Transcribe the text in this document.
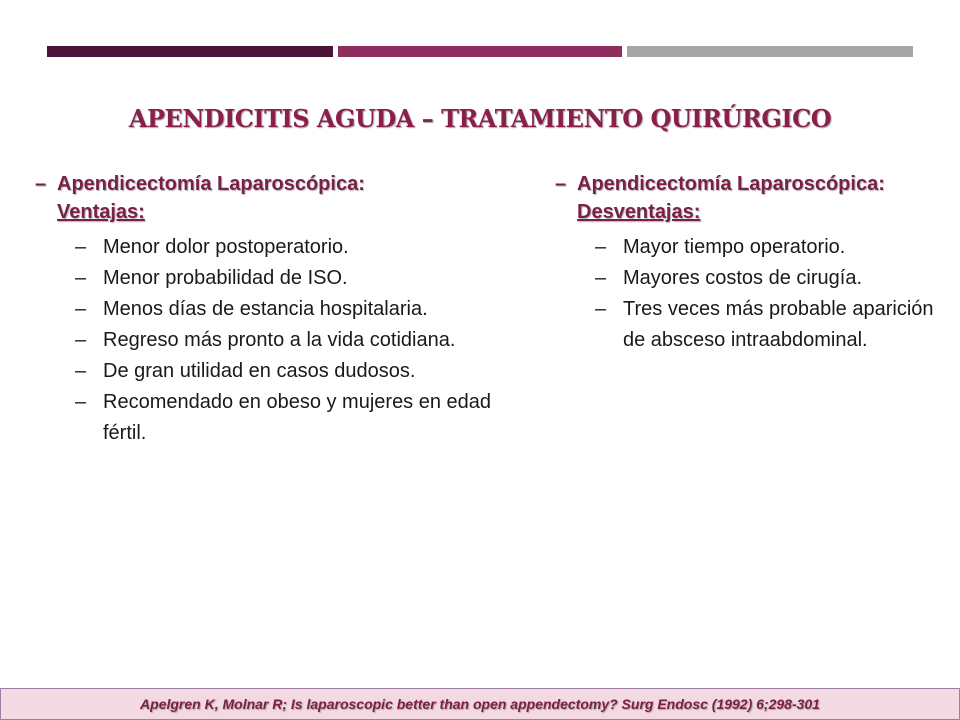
APENDICITIS AGUDA – TRATAMIENTO QUIRÚRGICO
– Apendicectomía Laparoscópica:
Ventajas:
– Menor dolor postoperatorio.
– Menor probabilidad de ISO.
– Menos días de estancia hospitalaria.
– Regreso más pronto a la vida cotidiana.
– De gran utilidad en casos dudosos.
– Recomendado en obeso y mujeres en edad fértil.
– Apendicectomía Laparoscópica:
Desventajas:
– Mayor tiempo operatorio.
– Mayores costos de cirugía.
– Tres veces más probable aparición de absceso intraabdominal.
Apelgren K, Molnar R; Is laparoscopic better than open appendectomy? Surg Endosc (1992) 6;298-301
